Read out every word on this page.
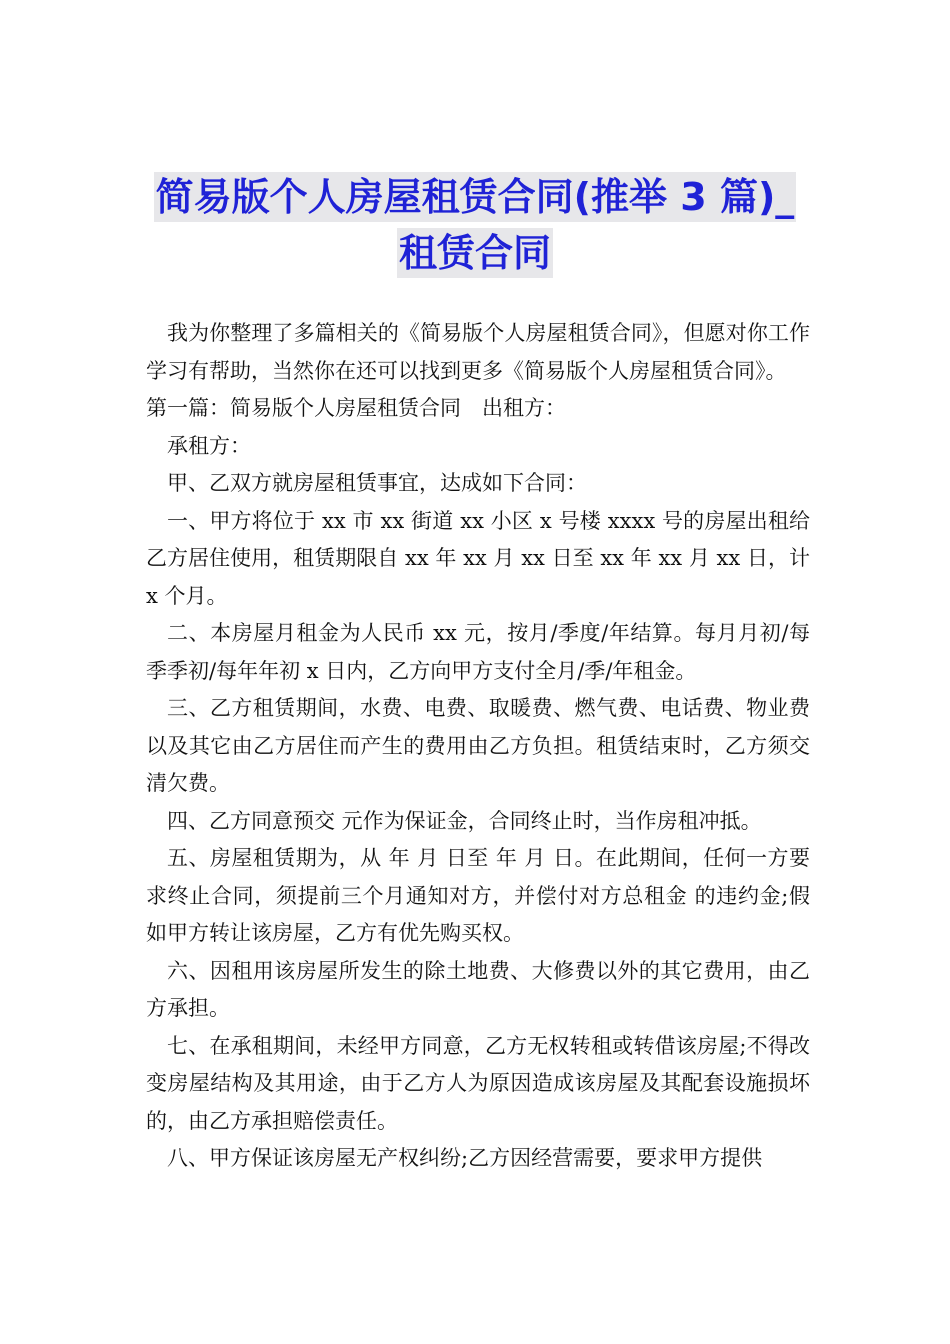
简易版个人房屋租赁合同(推举 3 篇)_
租赁合同

我为你整理了多篇相关的《简易版个人房屋租赁合同》，但愿对你工作学习有帮助，当然你在还可以找到更多《简易版个人房屋租赁合同》。

第一篇：简易版个人房屋租赁合同　出租方：

承租方：

甲、乙双方就房屋租赁事宜，达成如下合同：

一、甲方将位于 xx 市 xx 街道 xx 小区 x 号楼 xxxx 号的房屋出租给乙方居住使用，租赁期限自 xx 年 xx 月 xx 日至 xx 年 xx 月 xx 日，计 x 个月。

二、本房屋月租金为人民币 xx 元，按月/季度/年结算。每月月初/每季季初/每年年初 x 日内，乙方向甲方支付全月/季/年租金。

三、乙方租赁期间，水费、电费、取暖费、燃气费、电话费、物业费以及其它由乙方居住而产生的费用由乙方负担。租赁结束时，乙方须交清欠费。

四、乙方同意预交 元作为保证金，合同终止时，当作房租冲抵。

五、房屋租赁期为，从 年 月 日至 年 月 日。在此期间，任何一方要求终止合同，须提前三个月通知对方，并偿付对方总租金 的违约金;假如甲方转让该房屋，乙方有优先购买权。

六、因租用该房屋所发生的除土地费、大修费以外的其它费用，由乙方承担。

七、在承租期间，未经甲方同意，乙方无权转租或转借该房屋;不得改变房屋结构及其用途，由于乙方人为原因造成该房屋及其配套设施损坏的，由乙方承担赔偿责任。

八、甲方保证该房屋无产权纠纷;乙方因经营需要，要求甲方提供
